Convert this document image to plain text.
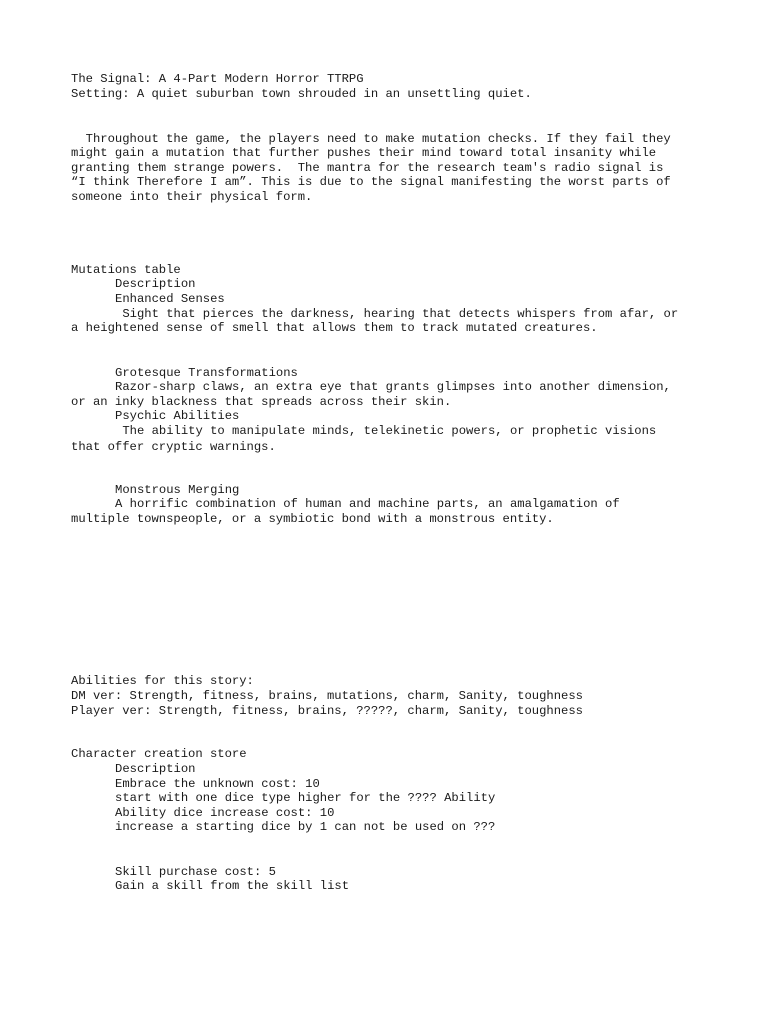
The Signal: A 4-Part Modern Horror TTRPG
Setting: A quiet suburban town shrouded in an unsettling quiet.
Throughout the game, the players need to make mutation checks. If they fail they
might gain a mutation that further pushes their mind toward total insanity while
granting them strange powers.  The mantra for the research team's radio signal is
“I think Therefore I am”. This is due to the signal manifesting the worst parts of
someone into their physical form.
Mutations table
Description
Enhanced Senses
Sight that pierces the darkness, hearing that detects whispers from afar, or
a heightened sense of smell that allows them to track mutated creatures.
Grotesque Transformations
Razor-sharp claws, an extra eye that grants glimpses into another dimension,
or an inky blackness that spreads across their skin.
Psychic Abilities
The ability to manipulate minds, telekinetic powers, or prophetic visions
that offer cryptic warnings.
Monstrous Merging
A horrific combination of human and machine parts, an amalgamation of
multiple townspeople, or a symbiotic bond with a monstrous entity.
Abilities for this story:
DM ver: Strength, fitness, brains, mutations, charm, Sanity, toughness
Player ver: Strength, fitness, brains, ?????, charm, Sanity, toughness
Character creation store
Description
Embrace the unknown cost: 10
start with one dice type higher for the ???? Ability
Ability dice increase cost: 10
increase a starting dice by 1 can not be used on ???
Skill purchase cost: 5
Gain a skill from the skill list
